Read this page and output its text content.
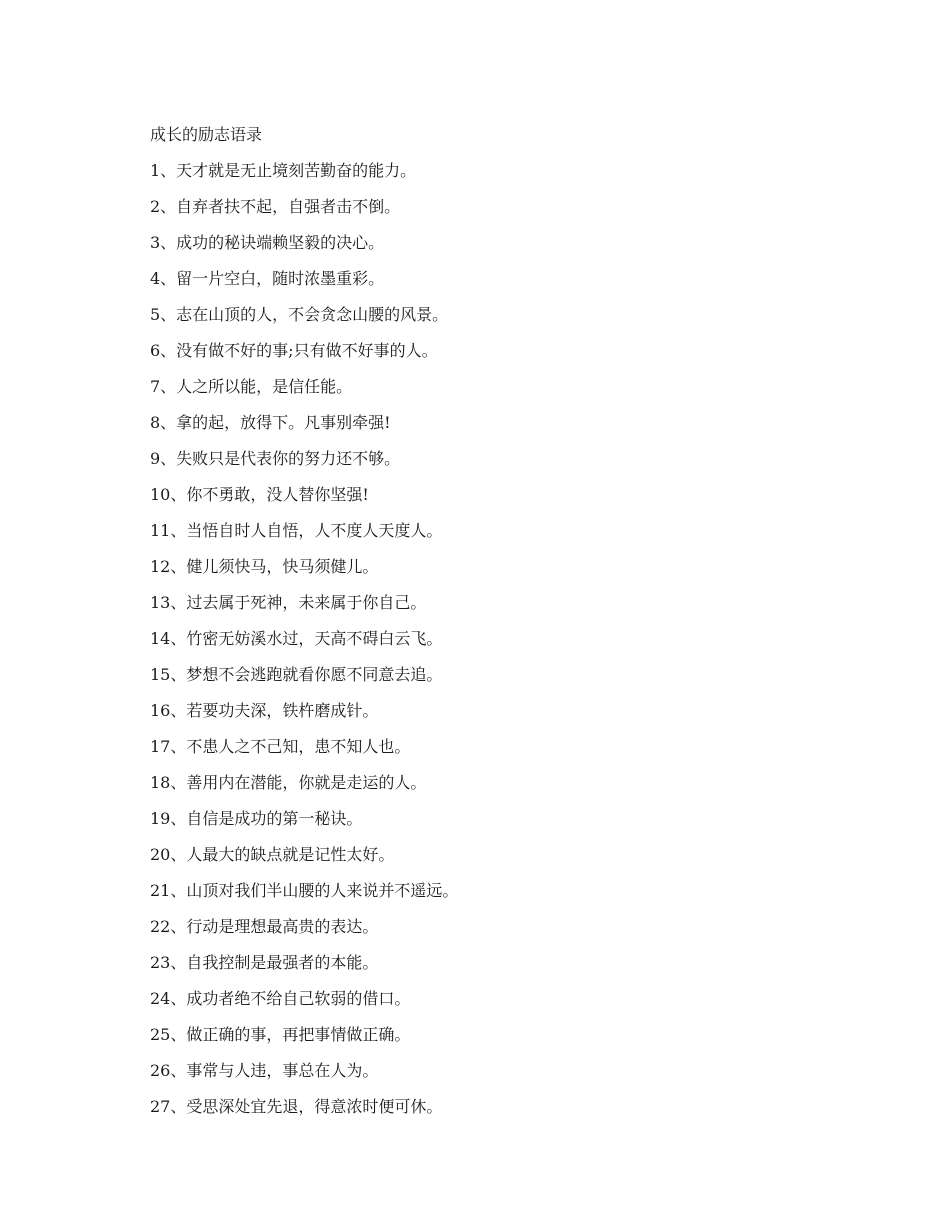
成长的励志语录
1、天才就是无止境刻苦勤奋的能力。
2、自弃者扶不起，自强者击不倒。
3、成功的秘诀端赖坚毅的决心。
4、留一片空白，随时浓墨重彩。
5、志在山顶的人，不会贪念山腰的风景。
6、没有做不好的事;只有做不好事的人。
7、人之所以能，是信任能。
8、拿的起，放得下。凡事别牵强!
9、失败只是代表你的努力还不够。
10、你不勇敢，没人替你坚强!
11、当悟自时人自悟，人不度人天度人。
12、健儿须快马，快马须健儿。
13、过去属于死神，未来属于你自己。
14、竹密无妨溪水过，天高不碍白云飞。
15、梦想不会逃跑就看你愿不同意去追。
16、若要功夫深，铁杵磨成针。
17、不患人之不己知，患不知人也。
18、善用内在潜能，你就是走运的人。
19、自信是成功的第一秘诀。
20、人最大的缺点就是记性太好。
21、山顶对我们半山腰的人来说并不遥远。
22、行动是理想最高贵的表达。
23、自我控制是最强者的本能。
24、成功者绝不给自己软弱的借口。
25、做正确的事，再把事情做正确。
26、事常与人违，事总在人为。
27、受思深处宜先退，得意浓时便可休。
